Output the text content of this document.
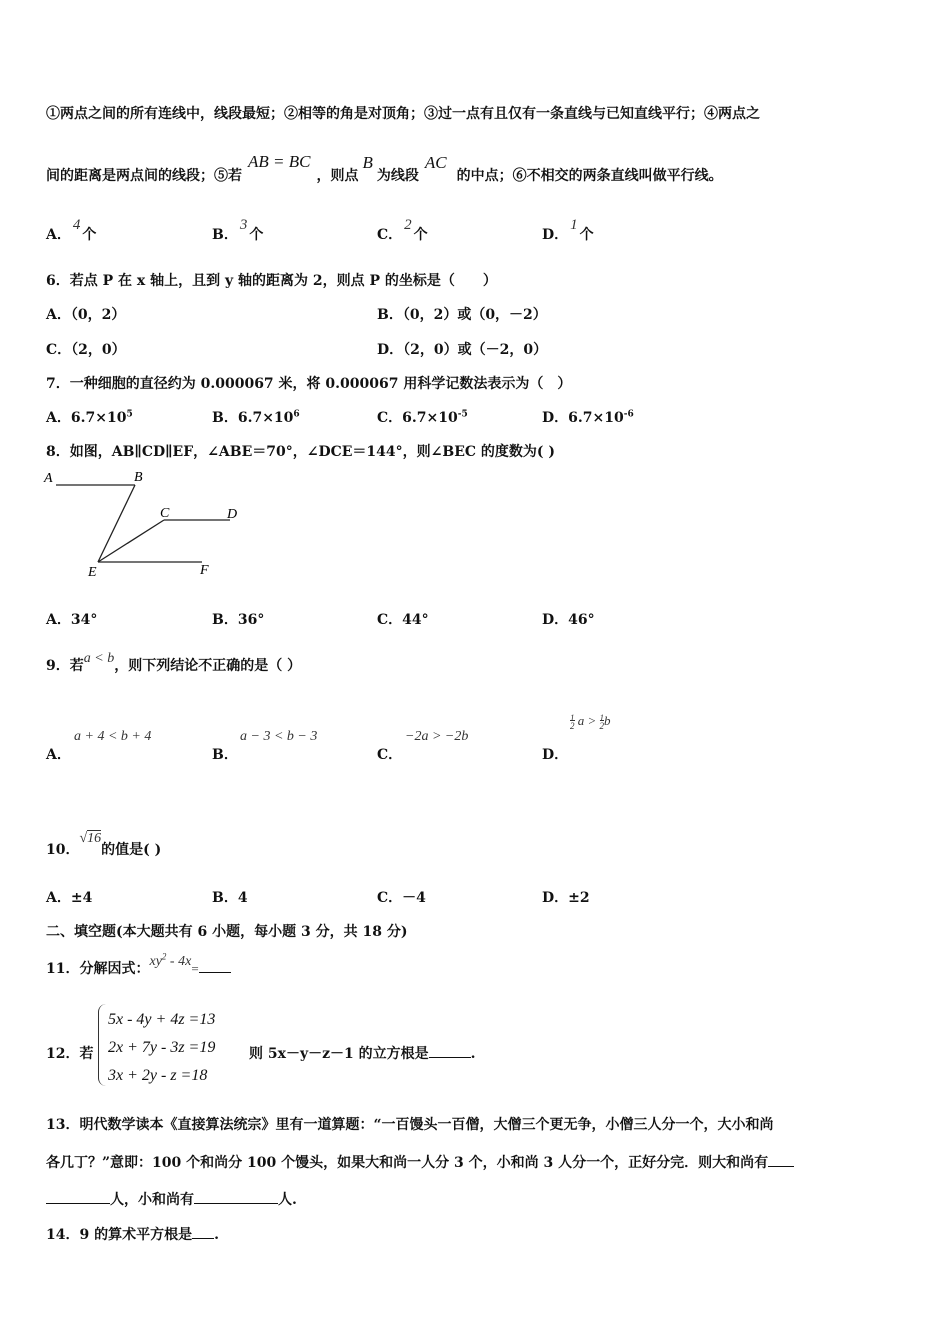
①两点之间的所有连线中，线段最短；②相等的角是对顶角；③过一点有且仅有一条直线与已知直线平行；④两点之
间的距离是两点间的线段；⑤若AB = BC，则点B为线段AC的中点；⑥不相交的两条直线叫做平行线。
A．4个	B．3个	C．2个	D．1个
6．若点 P 在 x 轴上，且到 y 轴的距离为 2，则点 P 的坐标是（　　）
A．（0，2）	B．（0，2）或（0，－2）
C．（2，0）	D．（2，0）或（－2，0）
7．一种细胞的直径约为 0.000067 米，将 0.000067 用科学记数法表示为（　）
A．$6.7\times 10^5$	B．$6.7\times 10^6$	C．$6.7\times 10^{-5}$	D．$6.7\times 10^{-6}$
8．如图，AB∥CD∥EF，∠ABE＝70°，∠DCE＝144°，则∠BEC 的度数为( )
A	B
C	D
E	F
A．34°	B．36°	C．44°	D．46°
9．若a < b，则下列结论不正确的是（ ）
A．
a + 4 < b + 4
B．
a − 3 < b − 3
C．
−2a > −2b
D．
1
2 a > 1
2b
10．√16的值是( )
A．±4	B．4	C．－4	D．±2
二、填空题(本大题共有 6 小题，每小题 3 分，共 18 分)
11．分解因式：$xy^2 - 4x=$
12．若
5x - 4y + 4z =13
2x + 7y - 3z =19
3x + 2y - z =18
则 5x－y－z－1 的立方根是	.
13．明代数学读本《直接算法统宗》里有一道算题：“一百馒头一百僧，大僧三个更无争，小僧三人分一个，大小和尚
各几丁？”意即：100 个和尚分 100 个馒头，如果大和尚一人分 3 个，小和尚 3 人分一个，正好分完．则大和尚有
人，小和尚有	人.
14．9 的算术平方根是 .
